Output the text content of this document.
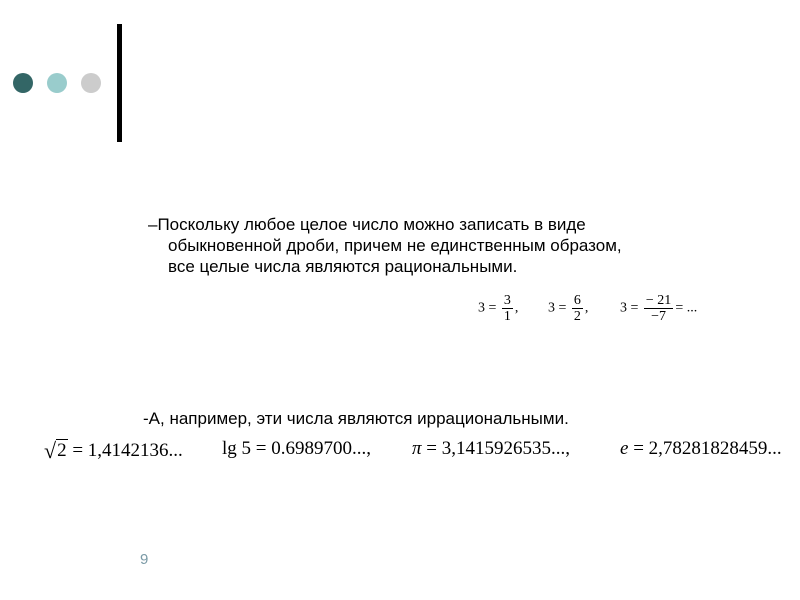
–Поскольку любое целое число можно записать в виде

обыкновенной дроби, причем не единственным образом,

все целые числа являются рациональными.

$3 = \frac{3}{1}$ , $3 = \frac{6}{2}$ , $3 = \frac{- 21}{-7}$ = ...

-А, например, эти числа являются иррациональными.

√2 = 1,4142136... lg 5 = 0.6989700..., π = 3,1415926535...,	e = 2,78281828459...
9
